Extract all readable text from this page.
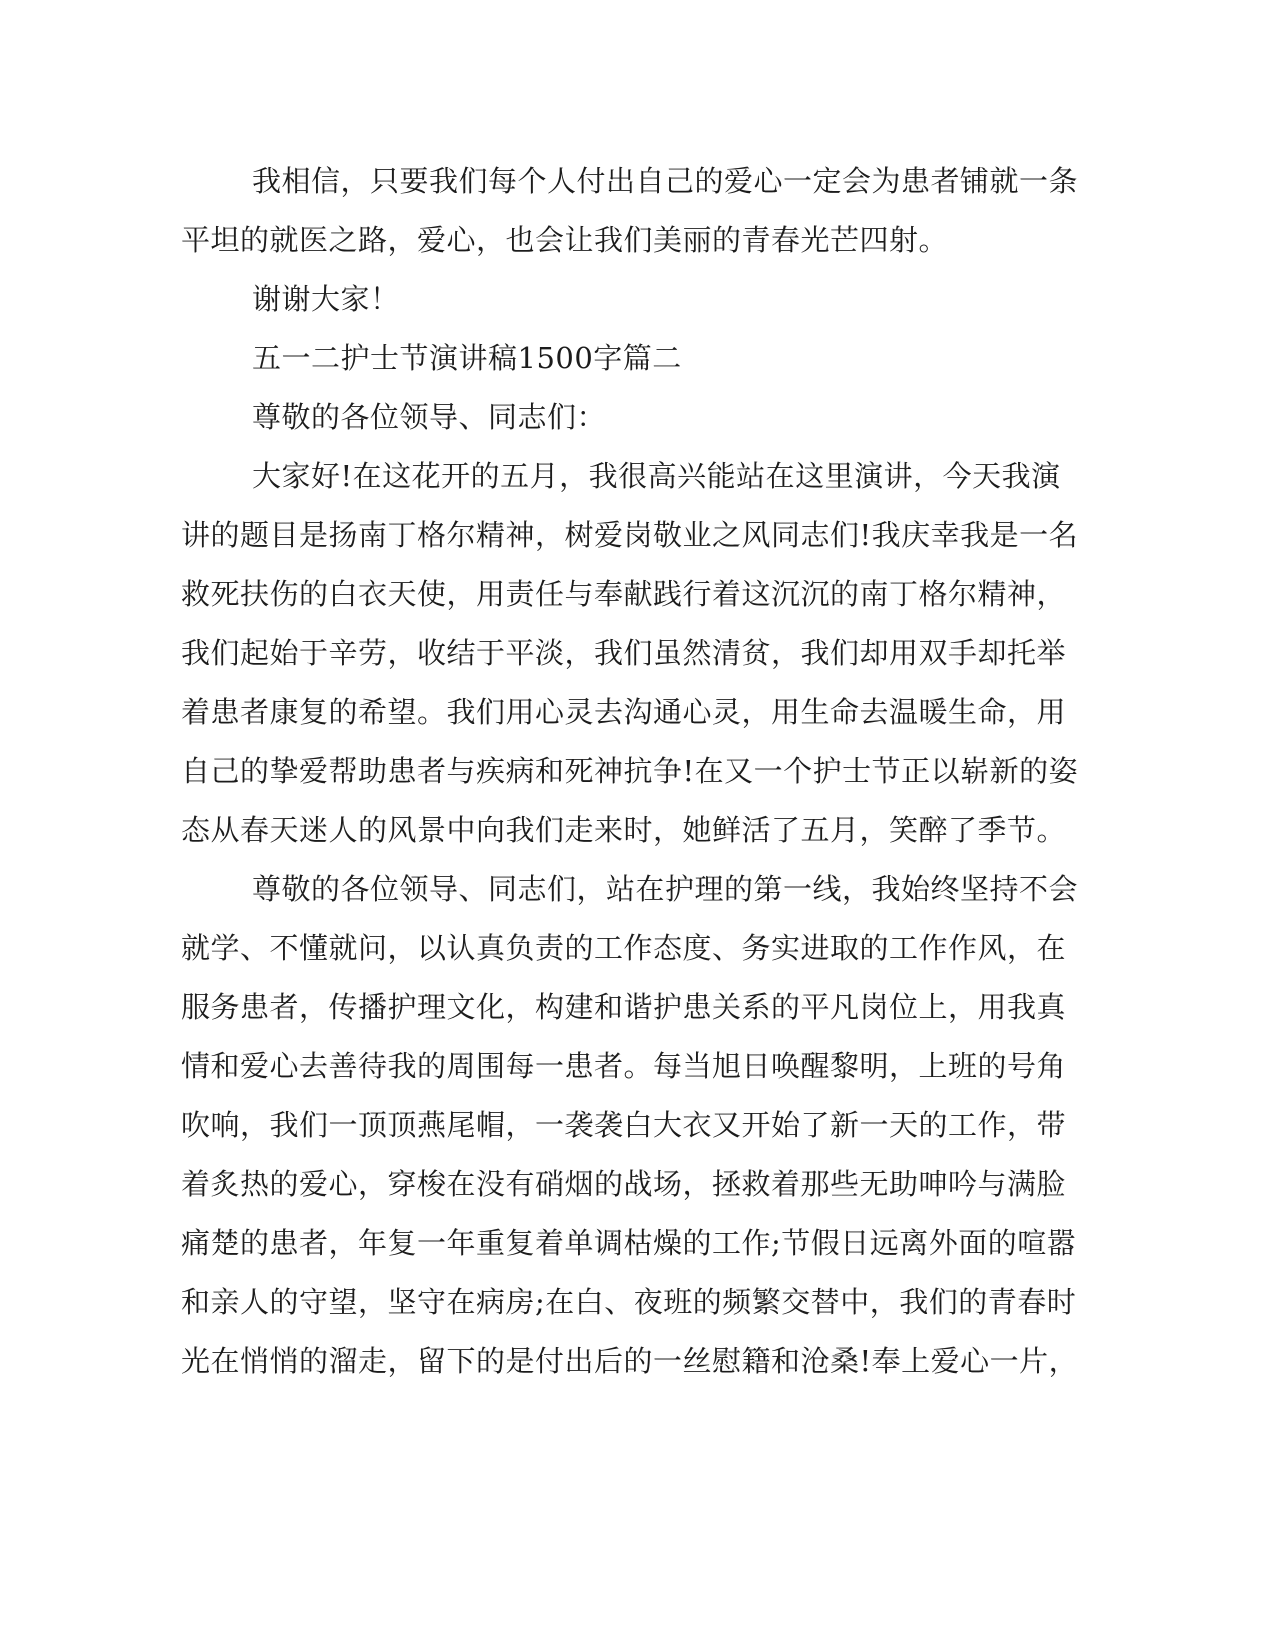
我相信，只要我们每个人付出自己的爱心一定会为患者铺就一条
平坦的就医之路，爱心，也会让我们美丽的青春光芒四射。
谢谢大家！
五一二护士节演讲稿1500字篇二
尊敬的各位领导、同志们：
大家好!在这花开的五月，我很高兴能站在这里演讲，今天我演
讲的题目是扬南丁格尔精神，树爱岗敬业之风同志们!我庆幸我是一名
救死扶伤的白衣天使，用责任与奉献践行着这沉沉的南丁格尔精神，
我们起始于辛劳，收结于平淡，我们虽然清贫，我们却用双手却托举
着患者康复的希望。我们用心灵去沟通心灵，用生命去温暖生命，用
自己的挚爱帮助患者与疾病和死神抗争!在又一个护士节正以崭新的姿
态从春天迷人的风景中向我们走来时，她鲜活了五月，笑醉了季节。
尊敬的各位领导、同志们，站在护理的第一线，我始终坚持不会
就学、不懂就问，以认真负责的工作态度、务实进取的工作作风，在
服务患者，传播护理文化，构建和谐护患关系的平凡岗位上，用我真
情和爱心去善待我的周围每一患者。每当旭日唤醒黎明，上班的号角
吹响，我们一顶顶燕尾帽，一袭袭白大衣又开始了新一天的工作，带
着炙热的爱心，穿梭在没有硝烟的战场，拯救着那些无助呻吟与满脸
痛楚的患者，年复一年重复着单调枯燥的工作;节假日远离外面的喧嚣
和亲人的守望，坚守在病房;在白、夜班的频繁交替中，我们的青春时
光在悄悄的溜走，留下的是付出后的一丝慰籍和沧桑!奉上爱心一片，
